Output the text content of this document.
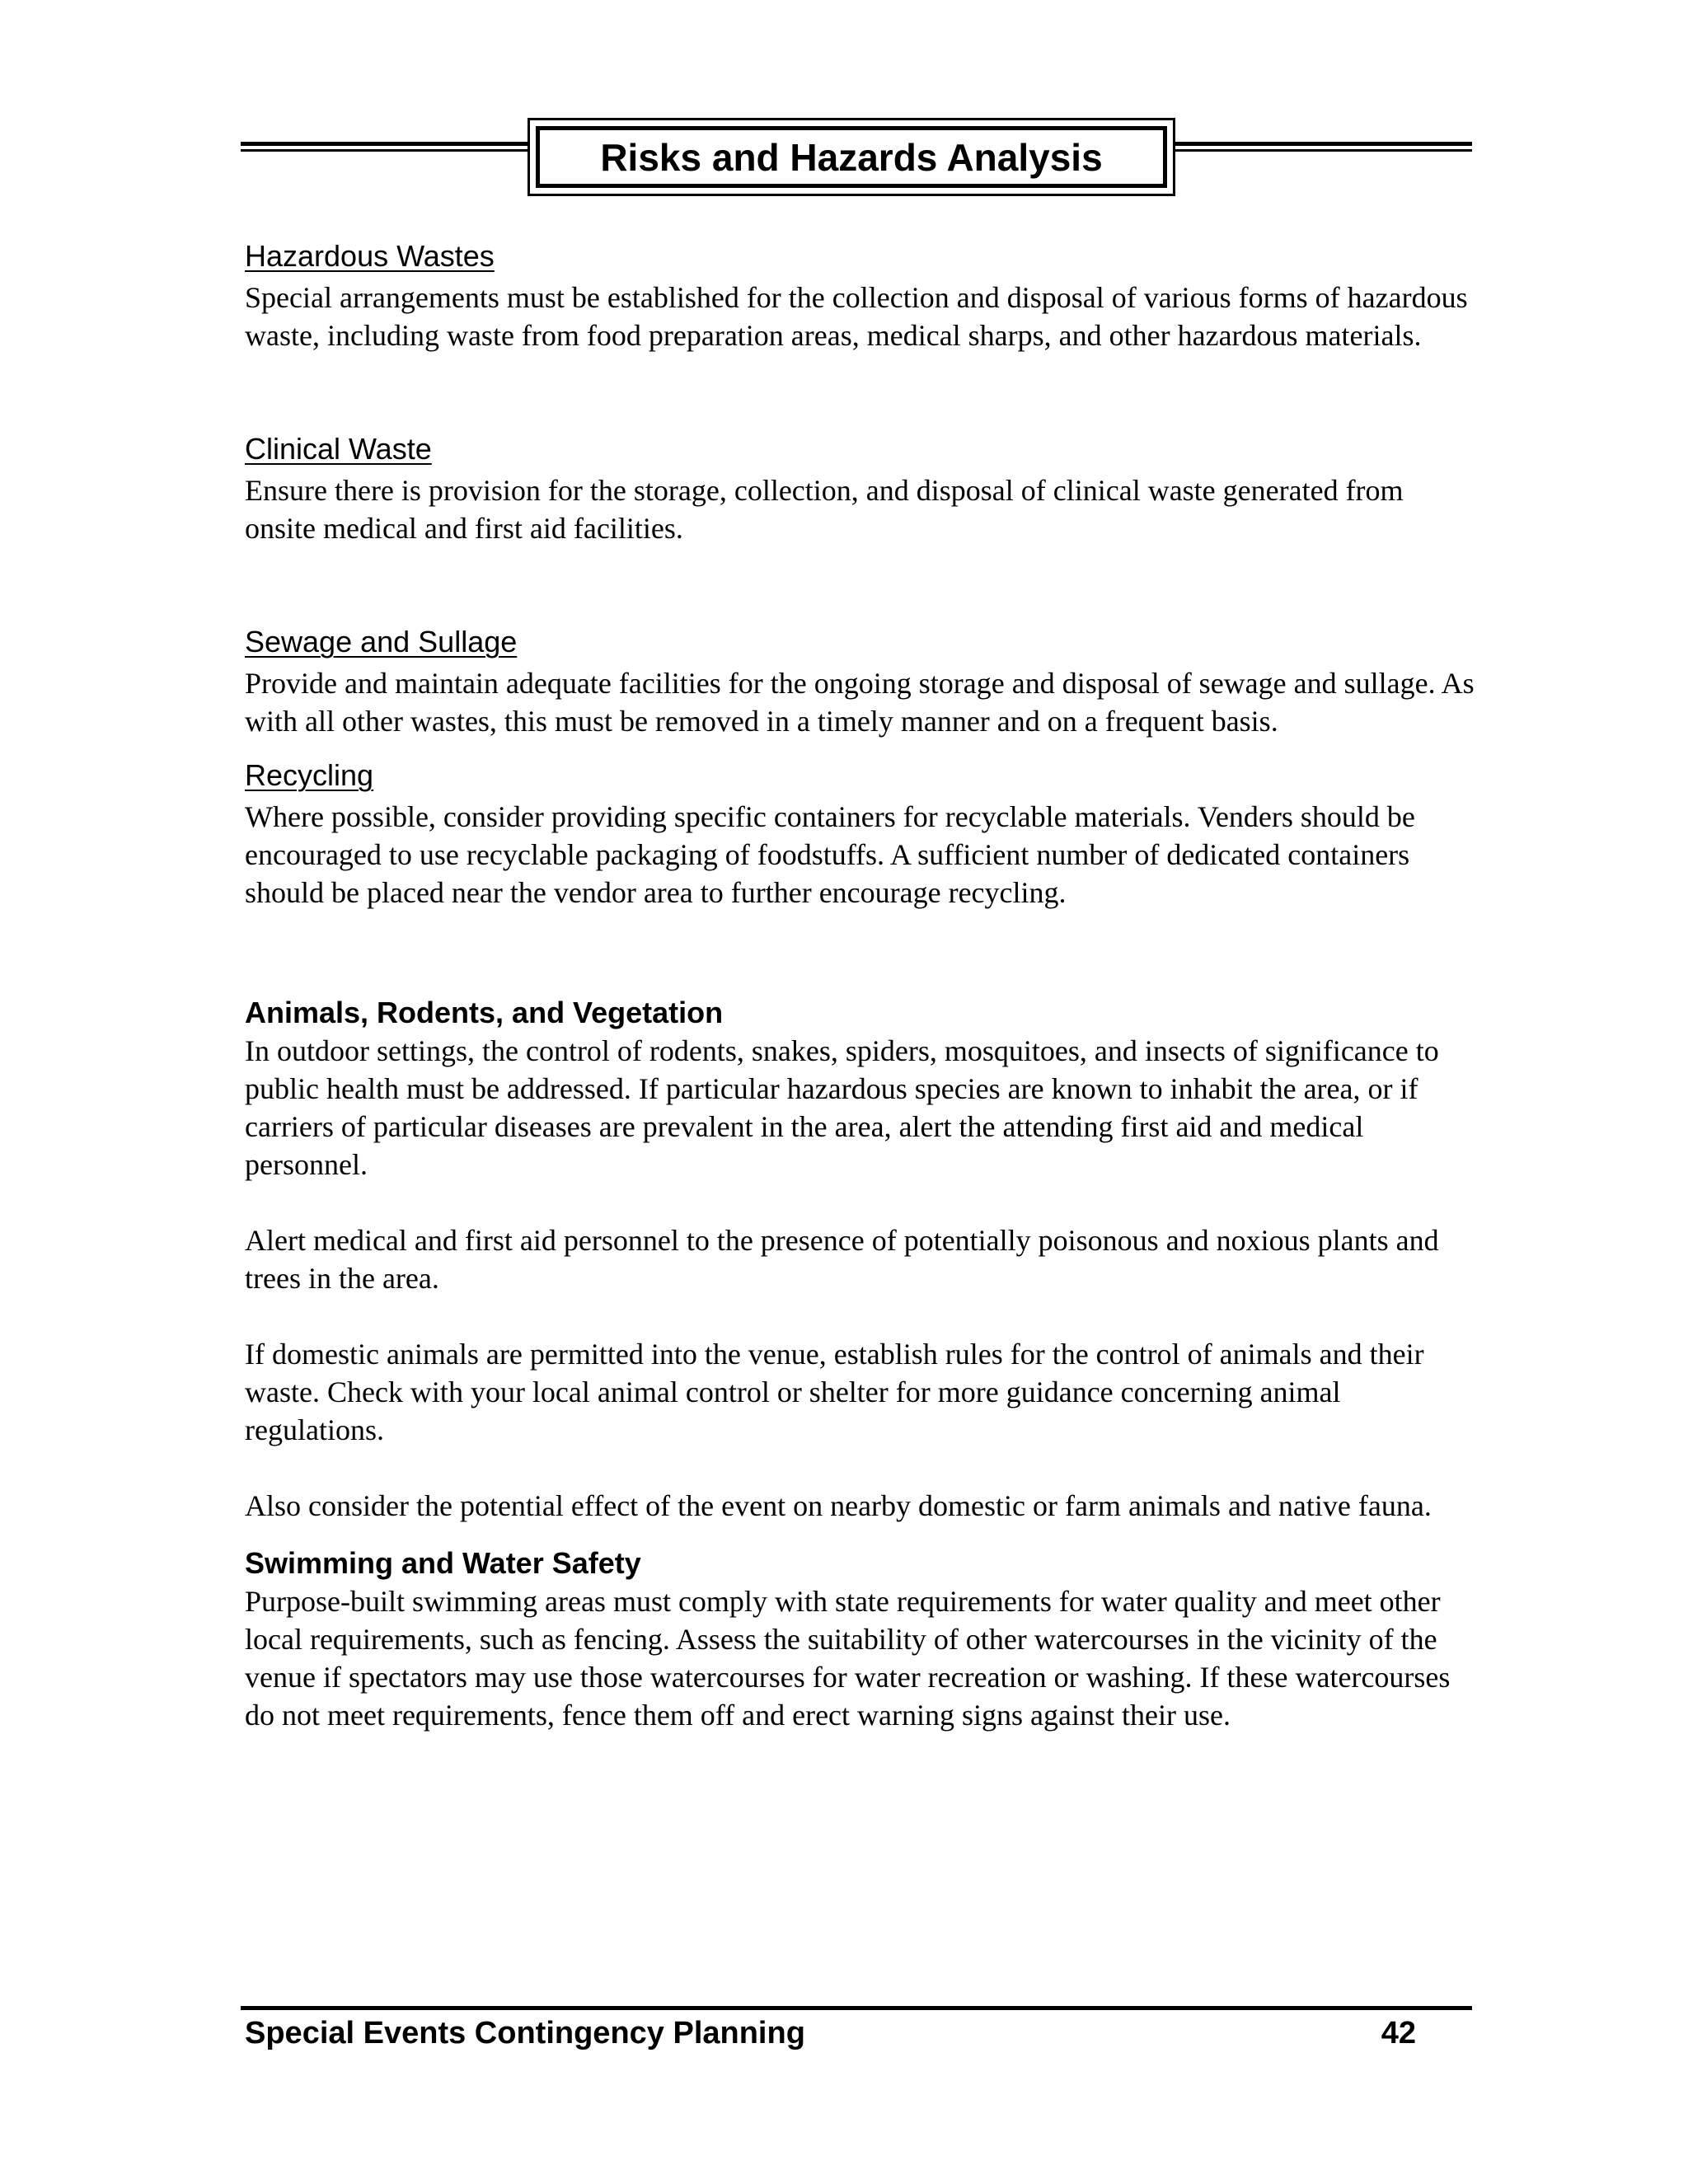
Risks and Hazards Analysis

Hazardous Wastes

Special arrangements must be established for the collection and disposal of various forms of hazardous waste, including waste from food preparation areas, medical sharps, and other hazardous materials.

Clinical Waste

Ensure there is provision for the storage, collection, and disposal of clinical waste generated from onsite medical and first aid facilities.

Sewage and Sullage

Provide and maintain adequate facilities for the ongoing storage and disposal of sewage and sullage. As with all other wastes, this must be removed in a timely manner and on a frequent basis.

Recycling

Where possible, consider providing specific containers for recyclable materials. Venders should be encouraged to use recyclable packaging of foodstuffs. A sufficient number of dedicated containers should be placed near the vendor area to further encourage recycling.

Animals, Rodents, and Vegetation

In outdoor settings, the control of rodents, snakes, spiders, mosquitoes, and insects of significance to public health must be addressed. If particular hazardous species are known to inhabit the area, or if carriers of particular diseases are prevalent in the area, alert the attending first aid and medical personnel.

Alert medical and first aid personnel to the presence of potentially poisonous and noxious plants and trees in the area.

If domestic animals are permitted into the venue, establish rules for the control of animals and their waste. Check with your local animal control or shelter for more guidance concerning animal regulations.

Also consider the potential effect of the event on nearby domestic or farm animals and native fauna.

Swimming and Water Safety

Purpose-built swimming areas must comply with state requirements for water quality and meet other local requirements, such as fencing. Assess the suitability of other watercourses in the vicinity of the venue if spectators may use those watercourses for water recreation or washing. If these watercourses do not meet requirements, fence them off and erect warning signs against their use.

Special Events Contingency Planning	42
